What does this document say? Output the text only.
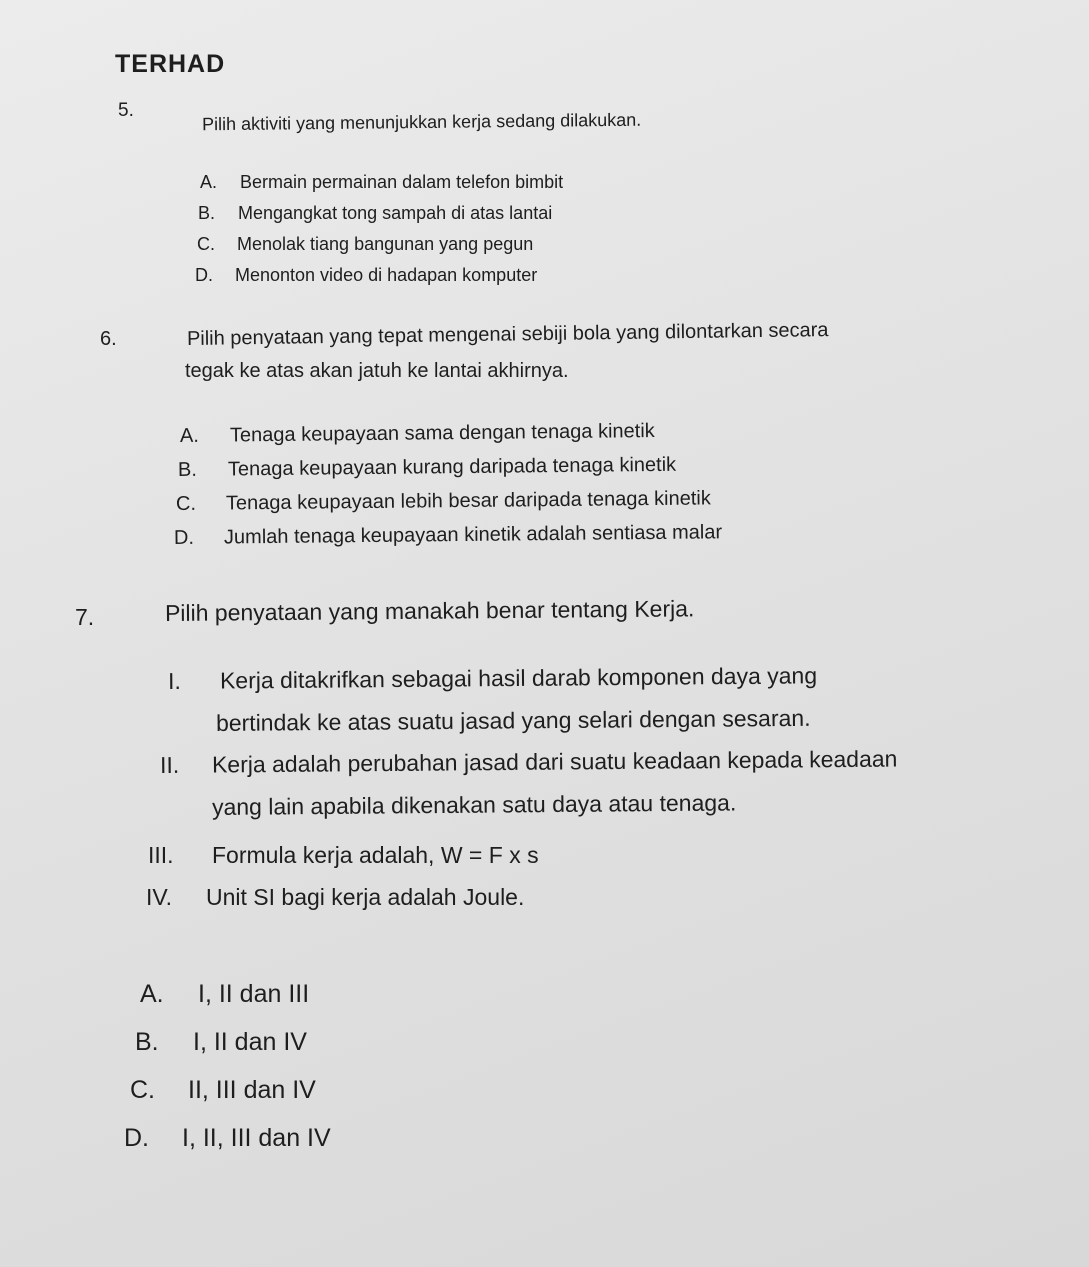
TERHAD
5.	Pilih aktiviti yang menunjukkan kerja sedang dilakukan.
A. Bermain permainan dalam telefon bimbit
B. Mengangkat tong sampah di atas lantai
C. Menolak tiang bangunan yang pegun
D. Menonton video di hadapan komputer
6.	Pilih penyataan yang tepat mengenai sebiji bola yang dilontarkan secara
tegak ke atas akan jatuh ke lantai akhirnya.
A. Tenaga keupayaan sama dengan tenaga kinetik
B. Tenaga keupayaan kurang daripada tenaga kinetik
C. Tenaga keupayaan lebih besar daripada tenaga kinetik
D. Jumlah tenaga keupayaan kinetik adalah sentiasa malar
7.	Pilih penyataan yang manakah benar tentang Kerja.
I. Kerja ditakrifkan sebagai hasil darab komponen daya yang
bertindak ke atas suatu jasad yang selari dengan sesaran.
II. Kerja adalah perubahan jasad dari suatu keadaan kepada keadaan
yang lain apabila dikenakan satu daya atau tenaga.
III. Formula kerja adalah, W = F x s
IV. Unit SI bagi kerja adalah Joule.
A. I, II dan III
B. I, II dan IV
C. II, III dan IV
D. I, II, III dan IV
